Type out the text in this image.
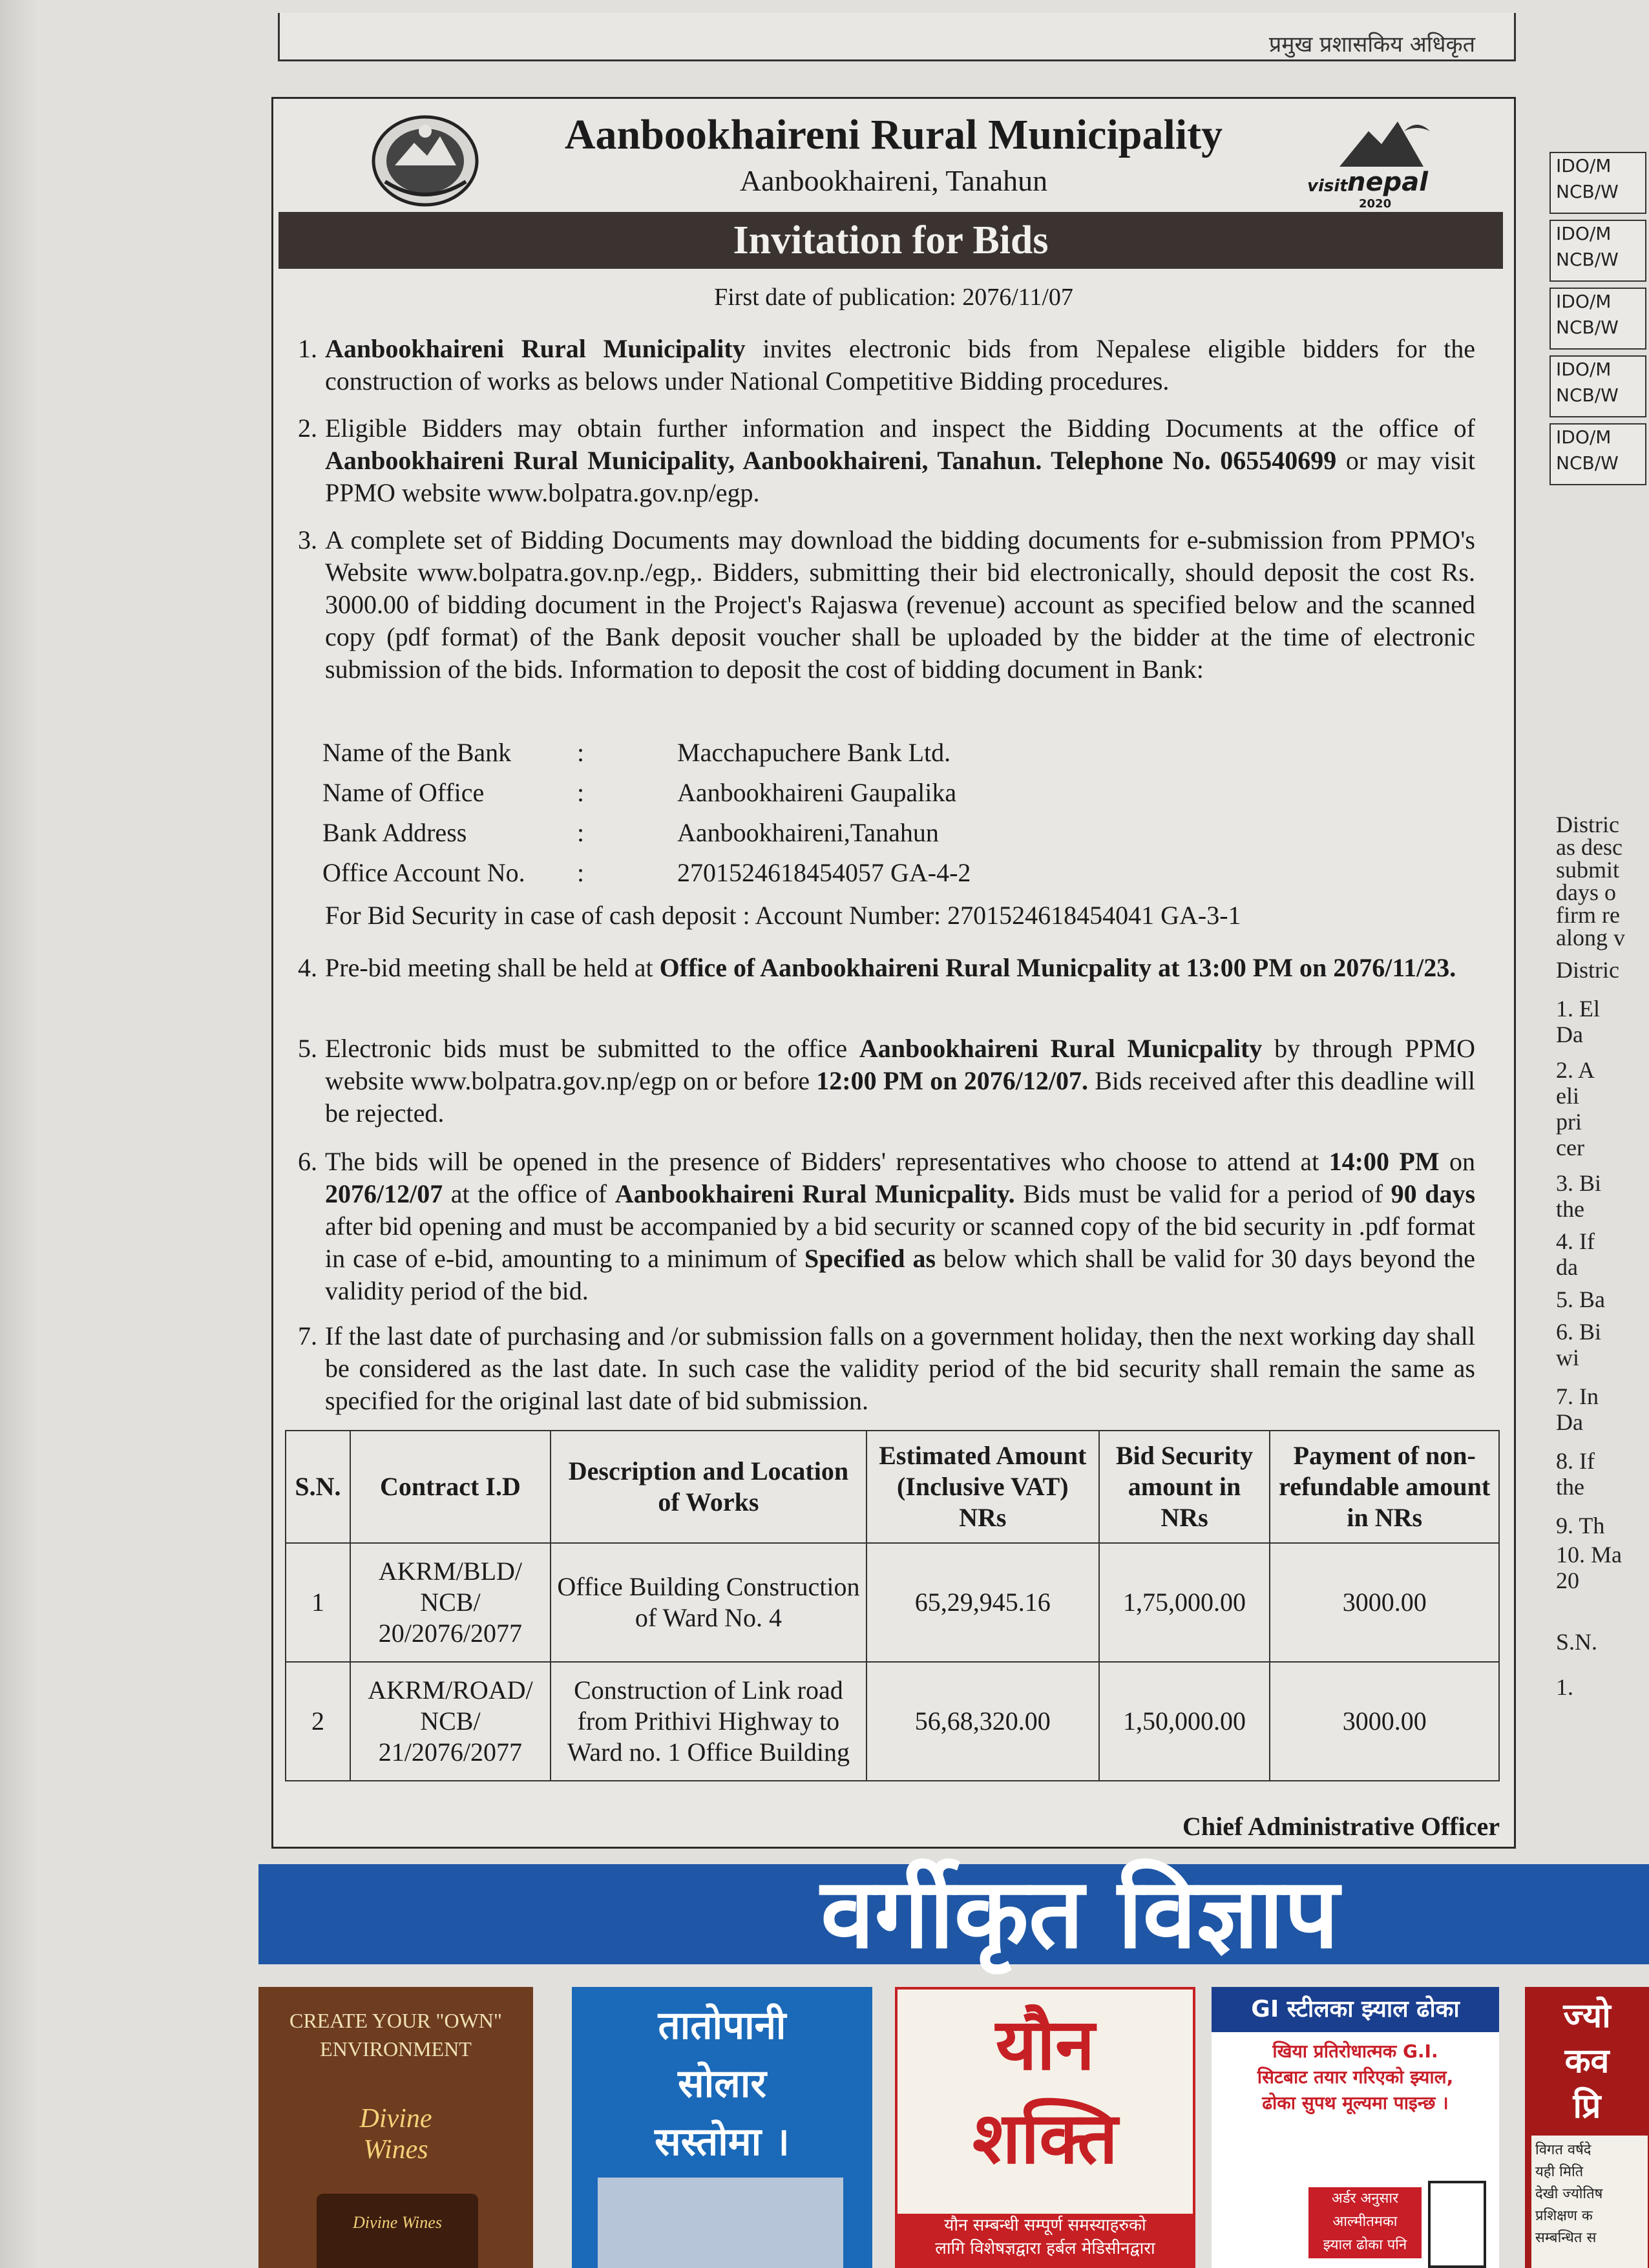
प्रमुख प्रशासकिय अधिकृत
Aanbookhaireni Rural Municipality
Aanbookhaireni, Tanahun	visit nepal
2020
Invitation for Bids
First date of publication: 2076/11/07
1. Aanbookhaireni Rural Municipality invites electronic bids from Nepalese eligible bidders for the construction of works as belows under National Competitive Bidding procedures.
2. Eligible Bidders may obtain further information and inspect the Bidding Documents at the office of Aanbookhaireni Rural Municipality, Aanbookhaireni, Tanahun. Telephone No. 065540699 or may visit PPMO website www.bolpatra.gov.np/egp.
3. A complete set of Bidding Documents may download the bidding documents for e-submission from PPMO's Website www.bolpatra.gov.np./egp,. Bidders, submitting their bid electronically, should deposit the cost Rs. 3000.00 of bidding document in the Project's Rajaswa (revenue) account as specified below and the scanned copy (pdf format) of the Bank deposit voucher shall be uploaded by the bidder at the time of electronic submission of the bids. Information to deposit the cost of bidding document in Bank:
Name of the Bank	:	Macchapuchere Bank Ltd.
Name of Office	:	Aanbookhaireni Gaupalika
Bank Address	:	Aanbookhaireni,Tanahun
Office Account No. :	2701524618454057 GA-4-2
For Bid Security in case of cash deposit : Account Number: 2701524618454041 GA-3-1
4. Pre-bid meeting shall be held at Office of Aanbookhaireni Rural Municpality at 13:00 PM on 2076/11/23.
5. Electronic bids must be submitted to the office Aanbookhaireni Rural Municpality by through PPMO website www.bolpatra.gov.np/egp on or before 12:00 PM on 2076/12/07. Bids received after this deadline will be rejected.
6. The bids will be opened in the presence of Bidders' representatives who choose to attend at 14:00 PM on 2076/12/07 at the office of Aanbookhaireni Rural Municpality. Bids must be valid for a period of 90 days after bid opening and must be accompanied by a bid security or scanned copy of the bid security in .pdf format in case of e-bid, amounting to a minimum of Specified as below which shall be valid for 30 days beyond the validity period of the bid.
7. If the last date of purchasing and /or submission falls on a government holiday, then the next working day shall be considered as the last date. In such case the validity period of the bid security shall remain the same as specified for the original last date of bid submission.
S.N.	Contract I.D	Description and Location of Works	Estimated Amount (Inclusive VAT) NRs	Bid Security amount in NRs	Payment of non-refundable amount in NRs
1	AKRM/BLD/ NCB/ 20/2076/2077	Office Building Construction of Ward No. 4	65,29,945.16	1,75,000.00	3000.00
2	AKRM/ROAD/ NCB/ 21/2076/2077	Construction of Link road from Prithivi Highway to Ward no. 1 Office Building	56,68,320.00	1,50,000.00	3000.00
Chief Administrative Officer
IDO/M NCB/W
IDO/M NCB/W
IDO/M NCB/W
IDO/M NCB/W
IDO/M NCB/W
Distric
as desc
submit
days o
firm re
along v
Distric
1. El
Da
2. A
eli
pri
cer
3. Bi
the
4. If
da
5. Ba
6. Bi
wi
7. In
Da
8. If
the
9. Th
10. Ma
20
S.N.
1.
वर्गीकृत विज्ञाप
CREATE YOUR "OWN"
ENVIRONMENT
Divine
Wines
Divine Wines
तातोपानी
सोलार
सस्तोमा ।
यौन
शक्ति
यौन सम्बन्धी सम्पूर्ण समस्याहरुको
लागि विशेषज्ञद्वारा हर्बल मेडिसीनद्वारा
GI स्टीलका झ्याल ढोका
खिया प्रतिरोधात्मक G.I.
सिटबाट तयार गरिएको झ्याल,
ढोका सुपथ मूल्यमा पाइन्छ ।
अर्डर अनुसार
आल्मीतमका
झ्याल ढोका पनि
ज्यो
कव
प्रि
विगत वर्षदे
यही मिति
देखी ज्योतिष
प्रशिक्षण क
सम्बन्धित स
